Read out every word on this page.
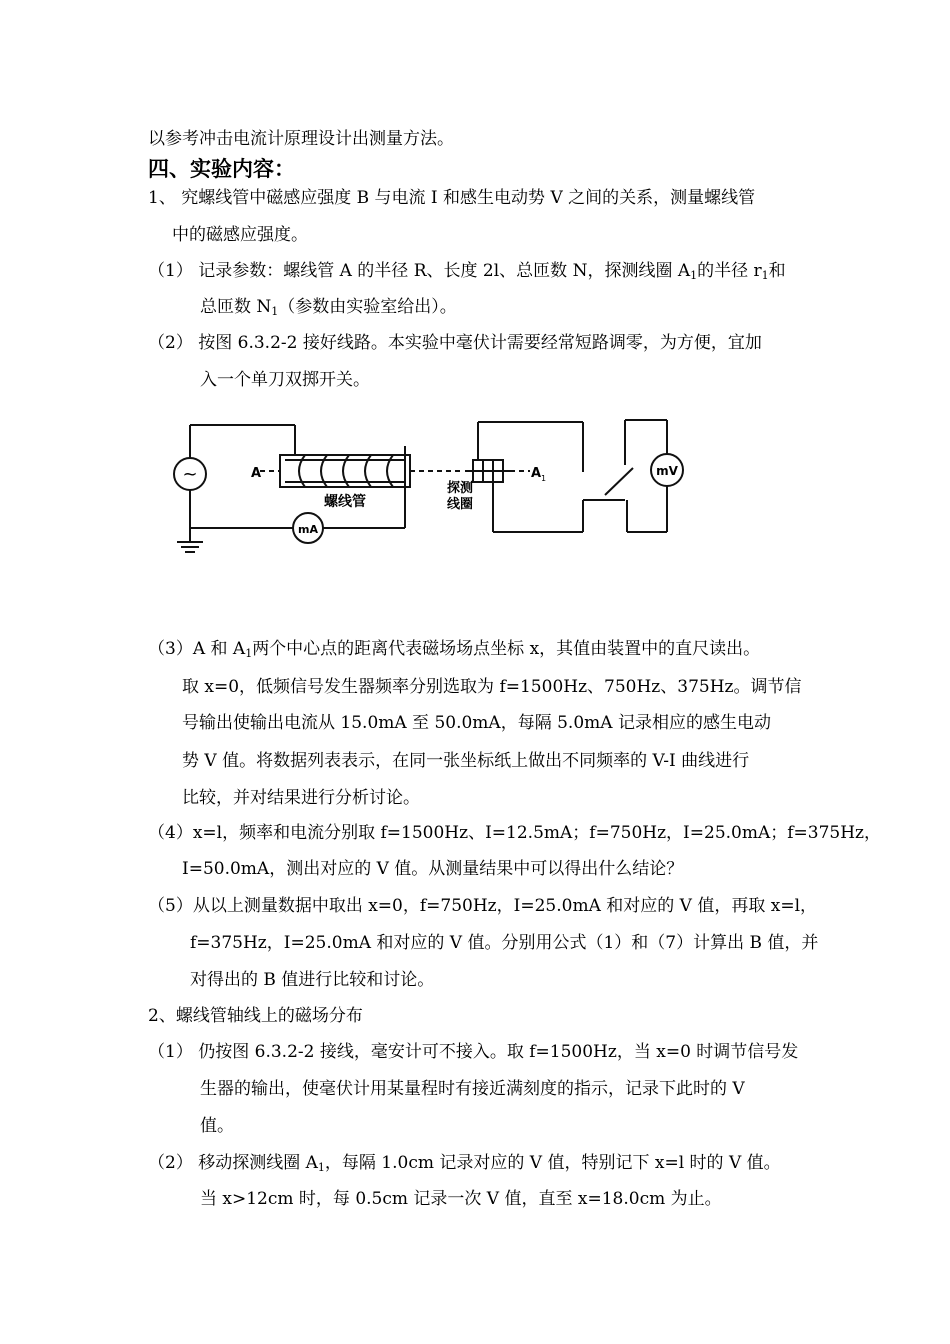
以参考冲击电流计原理设计出测量方法。
四、实验内容：
1、 究螺线管中磁感应强度 B 与电流 I 和感生电动势 V 之间的关系，测量螺线管
中的磁感应强度。
（1） 记录参数：螺线管 A 的半径 R、长度 2l、总匝数 N，探测线圈 $A_1$的半径 $r_1$和
总匝数 $N_1$（参数由实验室给出）。
（2） 按图 6.3.2-2 接好线路。本实验中毫伏计需要经常短路调零，为方便，宜加
入一个单刀双掷开关。
~	A
螺线管
mA
探测
线圈
A 1
mV
（3）A 和 $A_1$两个中心点的距离代表磁场场点坐标 x，其值由装置中的直尺读出。
取 x=0，低频信号发生器频率分别选取为 f=1500Hz、750Hz、375Hz。调节信
号输出使输出电流从 15.0mA 至 50.0mA，每隔 5.0mA 记录相应的感生电动
势 V 值。将数据列表表示，在同一张坐标纸上做出不同频率的 V-I 曲线进行
比较，并对结果进行分析讨论。
（4）x=l，频率和电流分别取 f=1500Hz、I=12.5mA；f=750Hz，I=25.0mA；f=375Hz，
I=50.0mA，测出对应的 V 值。从测量结果中可以得出什么结论？
（5）从以上测量数据中取出 x=0，f=750Hz，I=25.0mA 和对应的 V 值，再取 x=l，
f=375Hz，I=25.0mA 和对应的 V 值。分别用公式（1）和（7）计算出 B 值，并
对得出的 B 值进行比较和讨论。
2、螺线管轴线上的磁场分布
（1） 仍按图 6.3.2-2 接线，毫安计可不接入。取 f=1500Hz，当 x=0 时调节信号发
生器的输出，使毫伏计用某量程时有接近满刻度的指示，记录下此时的 V
值。
（2） 移动探测线圈 $A_1$，每隔 1.0cm 记录对应的 V 值，特别记下 x=l 时的 V 值。
当 x>12cm 时，每 0.5cm 记录一次 V 值，直至 x=18.0cm 为止。
